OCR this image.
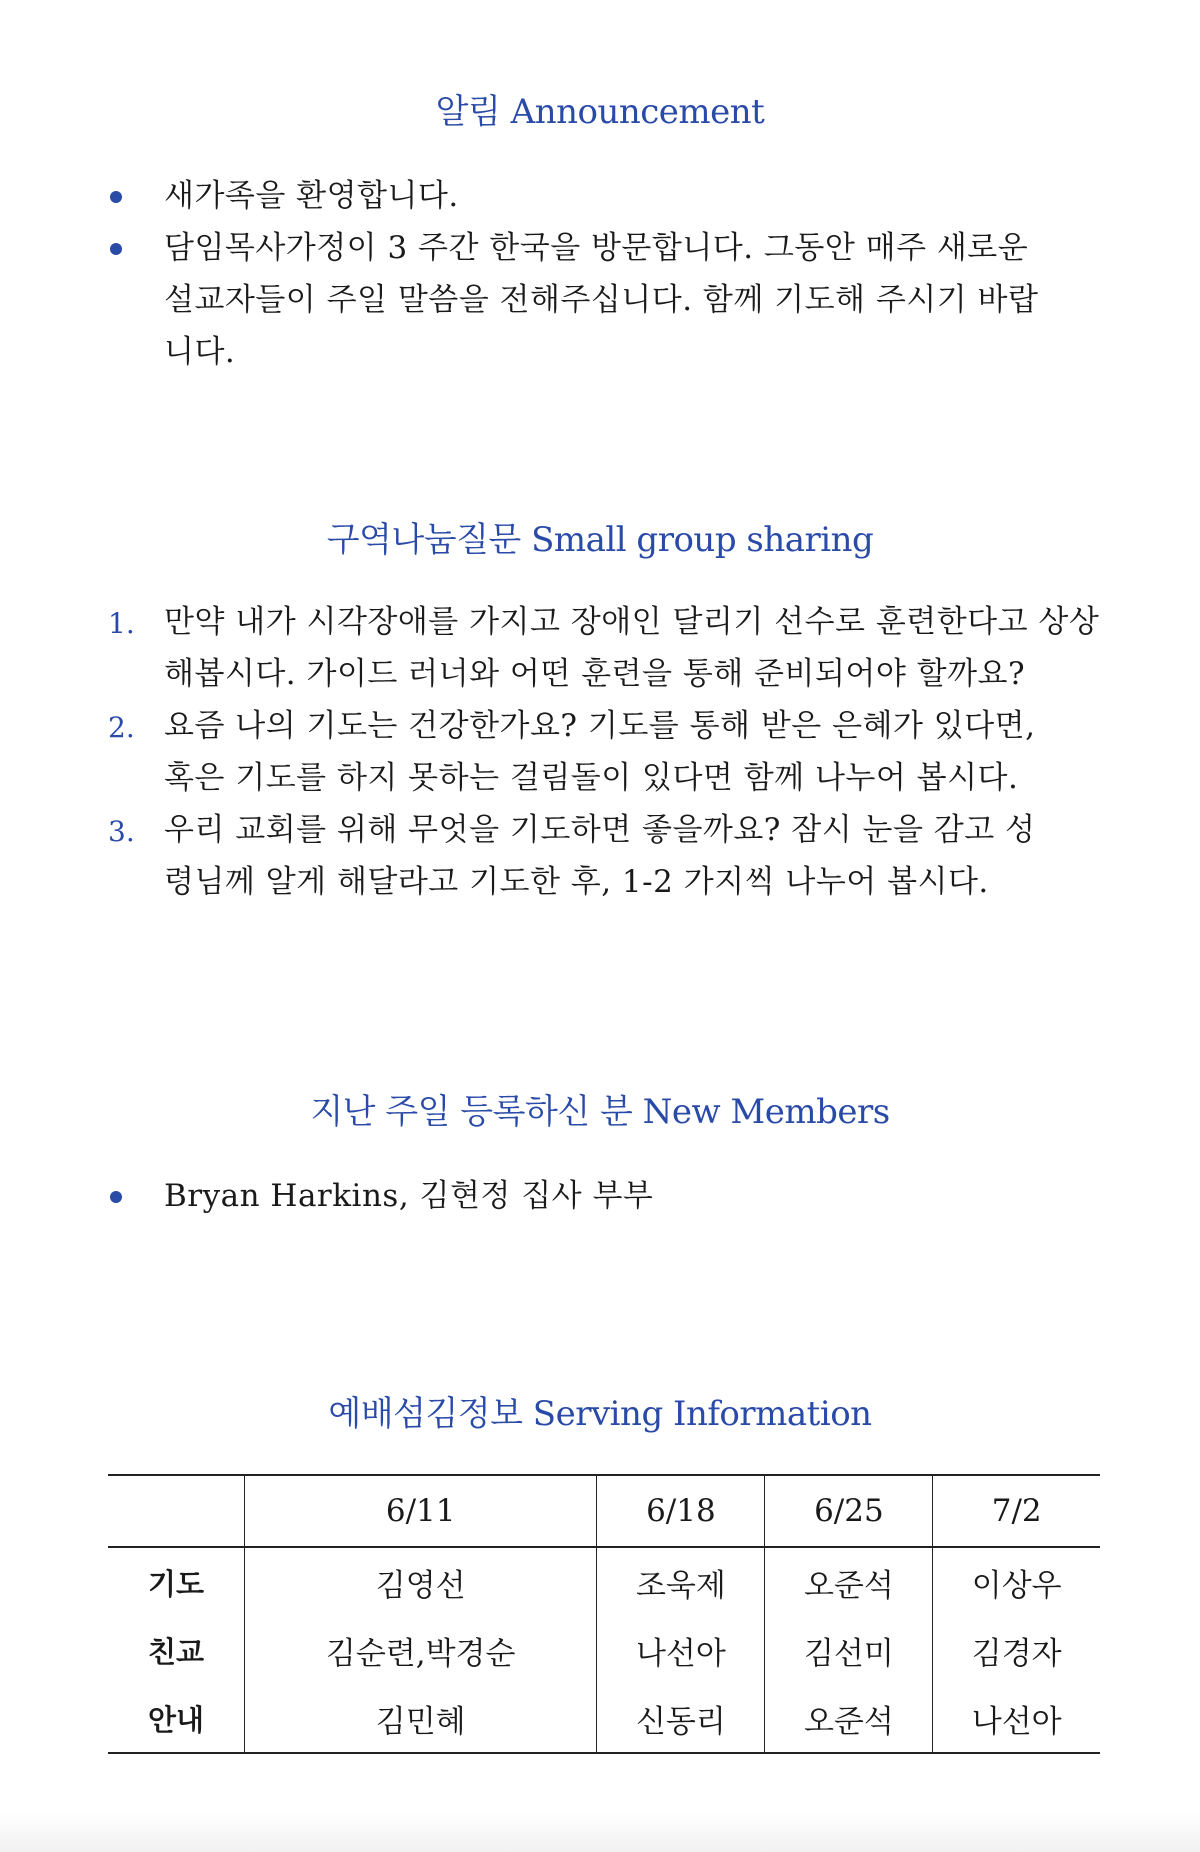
알림 Announcement
새가족을 환영합니다.
담임목사가정이 3 주간 한국을 방문합니다. 그동안 매주 새로운 설교자들이 주일 말씀을 전해주십니다. 함께 기도해 주시기 바랍니다.
구역나눔질문 Small group sharing
1. 만약 내가 시각장애를 가지고 장애인 달리기 선수로 훈련한다고 상상해봅시다. 가이드 러너와 어떤 훈련을 통해 준비되어야 할까요?
2. 요즘 나의 기도는 건강한가요? 기도를 통해 받은 은혜가 있다면, 혹은 기도를 하지 못하는 걸림돌이 있다면 함께 나누어 봅시다.
3. 우리 교회를 위해 무엇을 기도하면 좋을까요? 잠시 눈을 감고 성령님께 알게 해달라고 기도한 후, 1-2 가지씩 나누어 봅시다.
지난 주일 등록하신 분 New Members
Bryan Harkins, 김현정 집사 부부
예배섬김정보 Serving Information
	6/11	6/18	6/25	7/2
기도	김영선	조욱제	오준석	이상우
친교	김순련,박경순	나선아	김선미	김경자
안내	김민혜	신동리	오준석	나선아
